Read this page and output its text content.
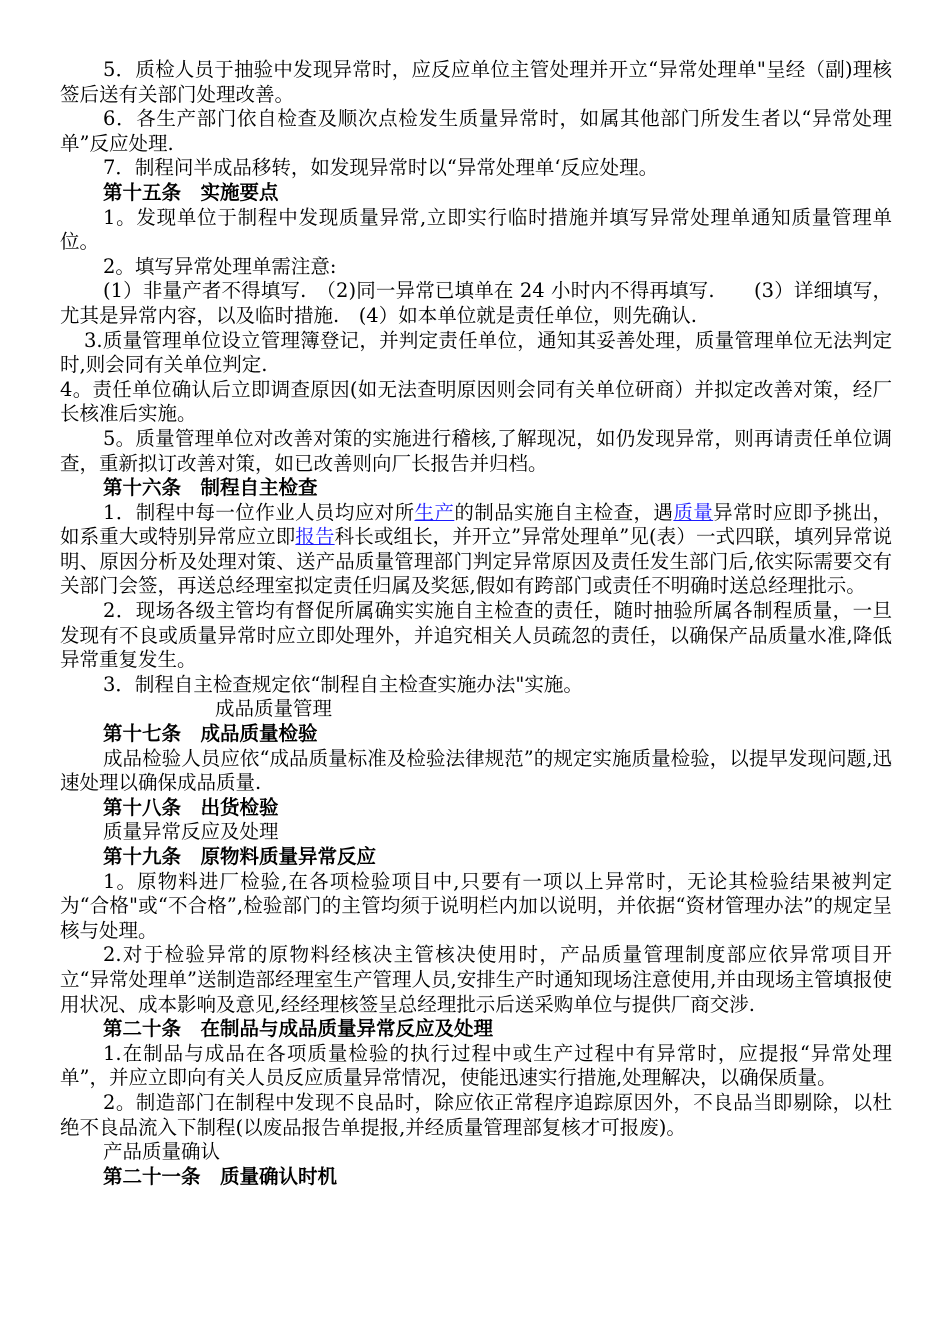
5．质检人员于抽验中发现异常时，应反应单位主管处理并开立“异常处理单"呈经（副)理核签后送有关部门处理改善。

6．各生产部门依自检查及顺次点检发生质量异常时，如属其他部门所发生者以“异常处理单”反应处理.

7．制程问半成品移转，如发现异常时以“异常处理单‘反应处理。

第十五条　实施要点

1。发现单位于制程中发现质量异常,立即实行临时措施并填写异常处理单通知质量管理单位。

2。填写异常处理单需注意:

(1）非量产者不得填写.　（2)同一异常已填单在 24 小时内不得再填写.　　(3）详细填写，尤其是异常内容，以及临时措施.　(4）如本单位就是责任单位，则先确认.

3.质量管理单位设立管理簿登记，并判定责任单位，通知其妥善处理，质量管理单位无法判定时,则会同有关单位判定.

4。责任单位确认后立即调查原因(如无法查明原因则会同有关单位研商）并拟定改善对策，经厂长核准后实施。

5。质量管理单位对改善对策的实施进行稽核,了解现况，如仍发现异常，则再请责任单位调查，重新拟订改善对策，如已改善则向厂长报告并归档。

第十六条　制程自主检查

1．制程中每一位作业人员均应对所生产的制品实施自主检查，遇质量异常时应即予挑出，如系重大或特别异常应立即报告科长或组长，并开立”异常处理单”见(表）一式四联，填列异常说明、原因分析及处理对策、送产品质量管理部门判定异常原因及责任发生部门后,依实际需要交有关部门会签，再送总经理室拟定责任归属及奖惩,假如有跨部门或责任不明确时送总经理批示。

2．现场各级主管均有督促所属确实实施自主检查的责任，随时抽验所属各制程质量，一旦发现有不良或质量异常时应立即处理外，并追究相关人员疏忽的责任，以确保产品质量水准,降低异常重复发生。

3．制程自主检查规定依“制程自主检查实施办法"实施。

成品质量管理

第十七条　成品质量检验

成品检验人员应依“成品质量标准及检验法律规范”的规定实施质量检验，以提早发现问题,迅速处理以确保成品质量.

第十八条　出货检验

质量异常反应及处理

第十九条　原物料质量异常反应

1。原物料进厂检验,在各项检验项目中,只要有一项以上异常时，无论其检验结果被判定为“合格"或“不合格”,检验部门的主管均须于说明栏内加以说明，并依据“资材管理办法”的规定呈核与处理。

2.对于检验异常的原物料经核决主管核决使用时，产品质量管理制度部应依异常项目开立“异常处理单”送制造部经理室生产管理人员,安排生产时通知现场注意使用,并由现场主管填报使用状况、成本影响及意见,经经理核签呈总经理批示后送采购单位与提供厂商交涉.

第二十条　在制品与成品质量异常反应及处理

1.在制品与成品在各项质量检验的执行过程中或生产过程中有异常时，应提报“异常处理单”，并应立即向有关人员反应质量异常情况，使能迅速实行措施,处理解决，以确保质量。

2。制造部门在制程中发现不良品时，除应依正常程序追踪原因外，不良品当即剔除，以杜绝不良品流入下制程(以废品报告单提报,并经质量管理部复核才可报废)。

产品质量确认

第二十一条　质量确认时机
